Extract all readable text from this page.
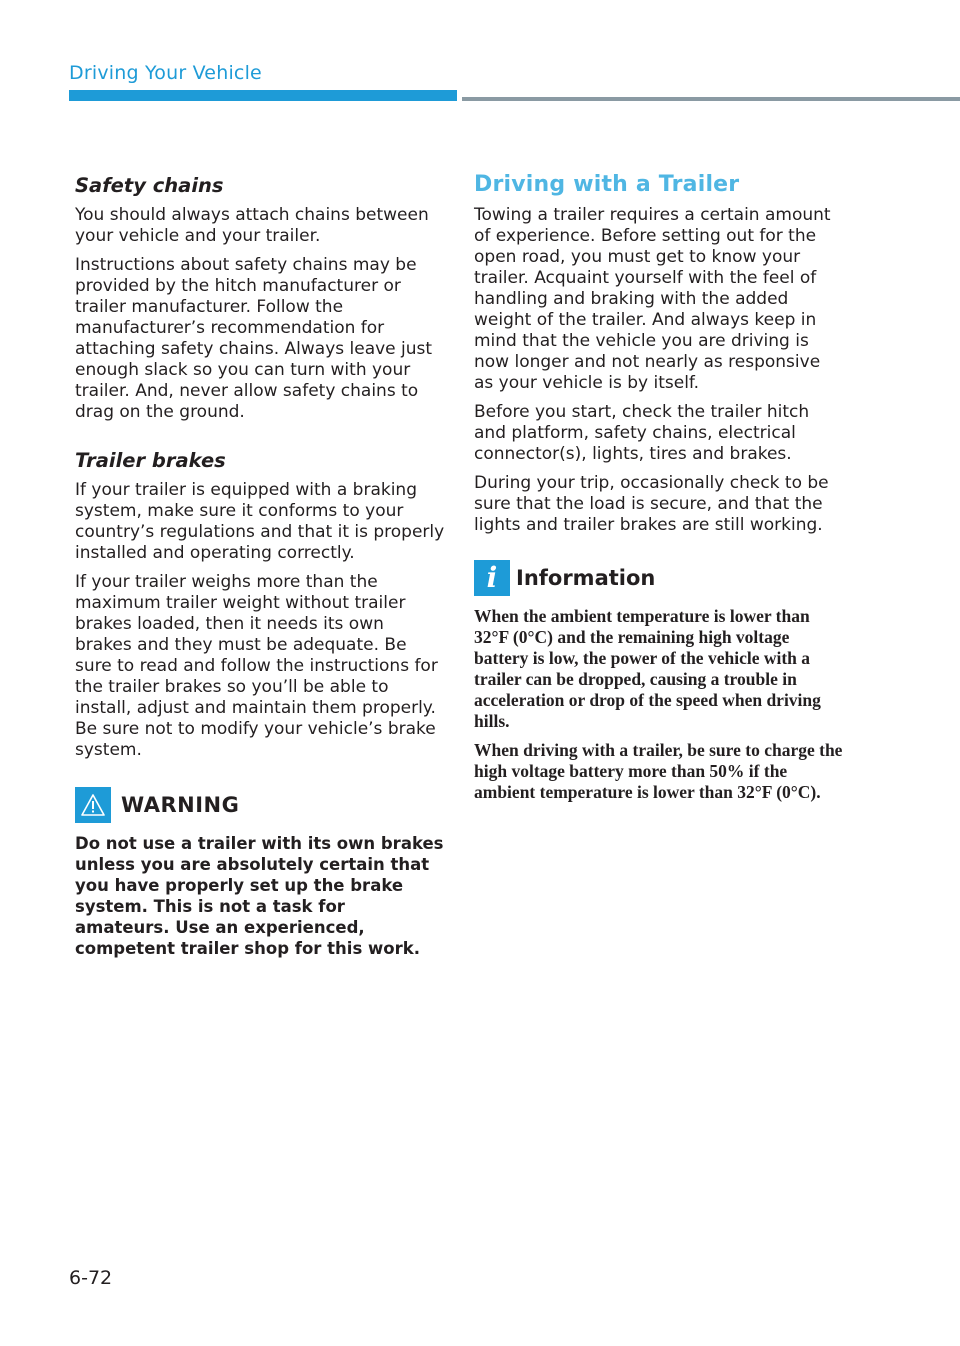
Driving Your Vehicle
Safety chains

You should always attach chains between your vehicle and your trailer.

Instructions about safety chains may be provided by the hitch manufacturer or trailer manufacturer. Follow the manufacturer’s recommendation for attaching safety chains. Always leave just enough slack so you can turn with your trailer. And, never allow safety chains to drag on the ground.

Trailer brakes

If your trailer is equipped with a braking system, make sure it conforms to your country’s regulations and that it is properly installed and operating correctly.

If your trailer weighs more than the maximum trailer weight without trailer brakes loaded, then it needs its own brakes and they must be adequate. Be sure to read and follow the instructions for the trailer brakes so you’ll be able to install, adjust and maintain them properly. Be sure not to modify your vehicle’s brake system.

WARNING

Do not use a trailer with its own brakes unless you are absolutely certain that you have properly set up the brake system. This is not a task for amateurs. Use an experienced, competent trailer shop for this work.

Driving with a Trailer

Towing a trailer requires a certain amount of experience. Before setting out for the open road, you must get to know your trailer. Acquaint yourself with the feel of handling and braking with the added weight of the trailer. And always keep in mind that the vehicle you are driving is now longer and not nearly as responsive as your vehicle is by itself.

Before you start, check the trailer hitch and platform, safety chains, electrical connector(s), lights, tires and brakes.

During your trip, occasionally check to be sure that the load is secure, and that the lights and trailer brakes are still working.

i Information

When the ambient temperature is lower than 32°F (0°C) and the remaining high voltage battery is low, the power of the vehicle with a trailer can be dropped, causing a trouble in acceleration or drop of the speed when driving hills.

When driving with a trailer, be sure to charge the high voltage battery more than 50% if the ambient temperature is lower than 32°F (0°C).

6-72
